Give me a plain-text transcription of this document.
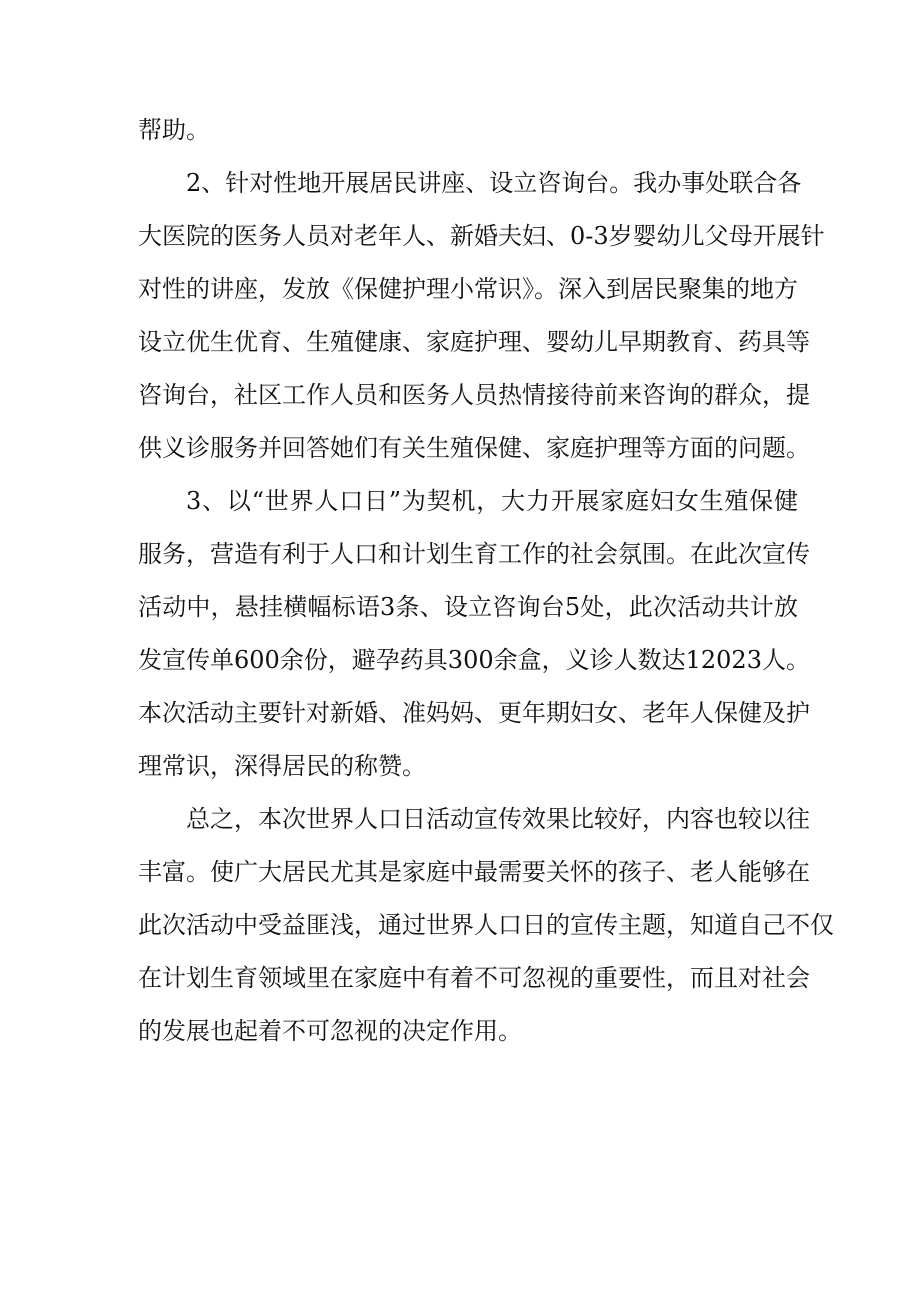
帮助。

2、针对性地开展居民讲座、设立咨询台。我办事处联合各

大医院的医务人员对老年人、新婚夫妇、0-3岁婴幼儿父母开展针

对性的讲座，发放《保健护理小常识》。深入到居民聚集的地方

设立优生优育、生殖健康、家庭护理、婴幼儿早期教育、药具等

咨询台，社区工作人员和医务人员热情接待前来咨询的群众，提

供义诊服务并回答她们有关生殖保健、家庭护理等方面的问题。

3、以“世界人口日”为契机，大力开展家庭妇女生殖保健

服务，营造有利于人口和计划生育工作的社会氛围。在此次宣传

活动中，悬挂横幅标语3条、设立咨询台5处，此次活动共计放

发宣传单600余份，避孕药具300余盒，义诊人数达12023人。

本次活动主要针对新婚、准妈妈、更年期妇女、老年人保健及护

理常识，深得居民的称赞。

总之，本次世界人口日活动宣传效果比较好，内容也较以往

丰富。使广大居民尤其是家庭中最需要关怀的孩子、老人能够在

此次活动中受益匪浅，通过世界人口日的宣传主题，知道自己不仅

在计划生育领域里在家庭中有着不可忽视的重要性，而且对社会

的发展也起着不可忽视的决定作用。
